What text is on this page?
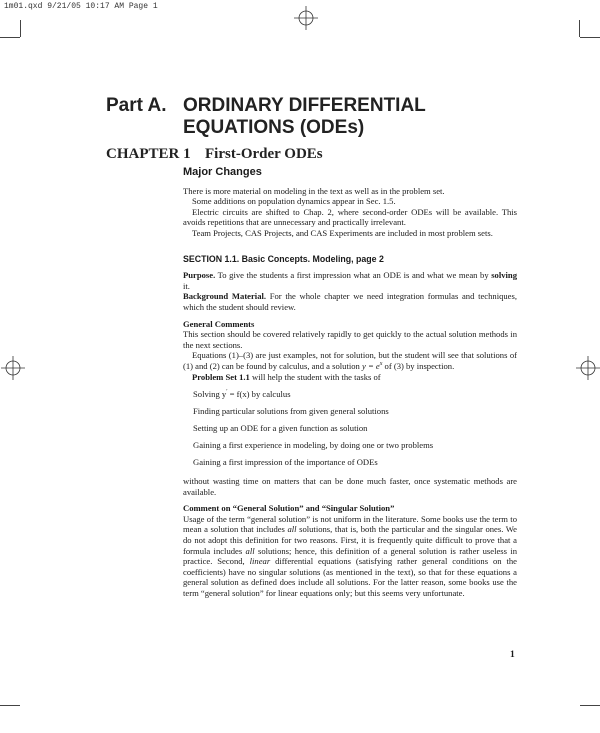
1m01.qxd 9/21/05 10:17 AM Page 1
Part A. ORDINARY DIFFERENTIAL
EQUATIONS (ODEs)
CHAPTER 1 First-Order ODEs
Major Changes

There is more material on modeling in the text as well as in the problem set.

Some additions on population dynamics appear in Sec. 1.5.

Electric circuits are shifted to Chap. 2, where second-order ODEs will be available. This avoids repetitions that are unnecessary and practically irrelevant.

Team Projects, CAS Projects, and CAS Experiments are included in most problem sets.

SECTION 1.1. Basic Concepts. Modeling, page 2

Purpose. To give the students a first impression what an ODE is and what we mean by solving it.

Background Material. For the whole chapter we need integration formulas and techniques, which the student should review.

General Comments

This section should be covered relatively rapidly to get quickly to the actual solution methods in the next sections.

Equations (1)–(3) are just examples, not for solution, but the student will see that solutions of (1) and (2) can be found by calculus, and a solution $y = e^x$ of (3) by inspection.

Problem Set 1.1 will help the student with the tasks of

Solving y′ = f(x) by calculus

Finding particular solutions from given general solutions

Setting up an ODE for a given function as solution

Gaining a first experience in modeling, by doing one or two problems

Gaining a first impression of the importance of ODEs

without wasting time on matters that can be done much faster, once systematic methods are available.

Comment on “General Solution” and “Singular Solution”

Usage of the term “general solution” is not uniform in the literature. Some books use the term to mean a solution that includes all solutions, that is, both the particular and the singular ones. We do not adopt this definition for two reasons. First, it is frequently quite difficult to prove that a formula includes all solutions; hence, this definition of a general solution is rather useless in practice. Second, linear differential equations (satisfying rather general conditions on the coefficients) have no singular solutions (as mentioned in the text), so that for these equations a general solution as defined does include all solutions. For the latter reason, some books use the term “general solution” for linear equations only; but this seems very unfortunate.

1
